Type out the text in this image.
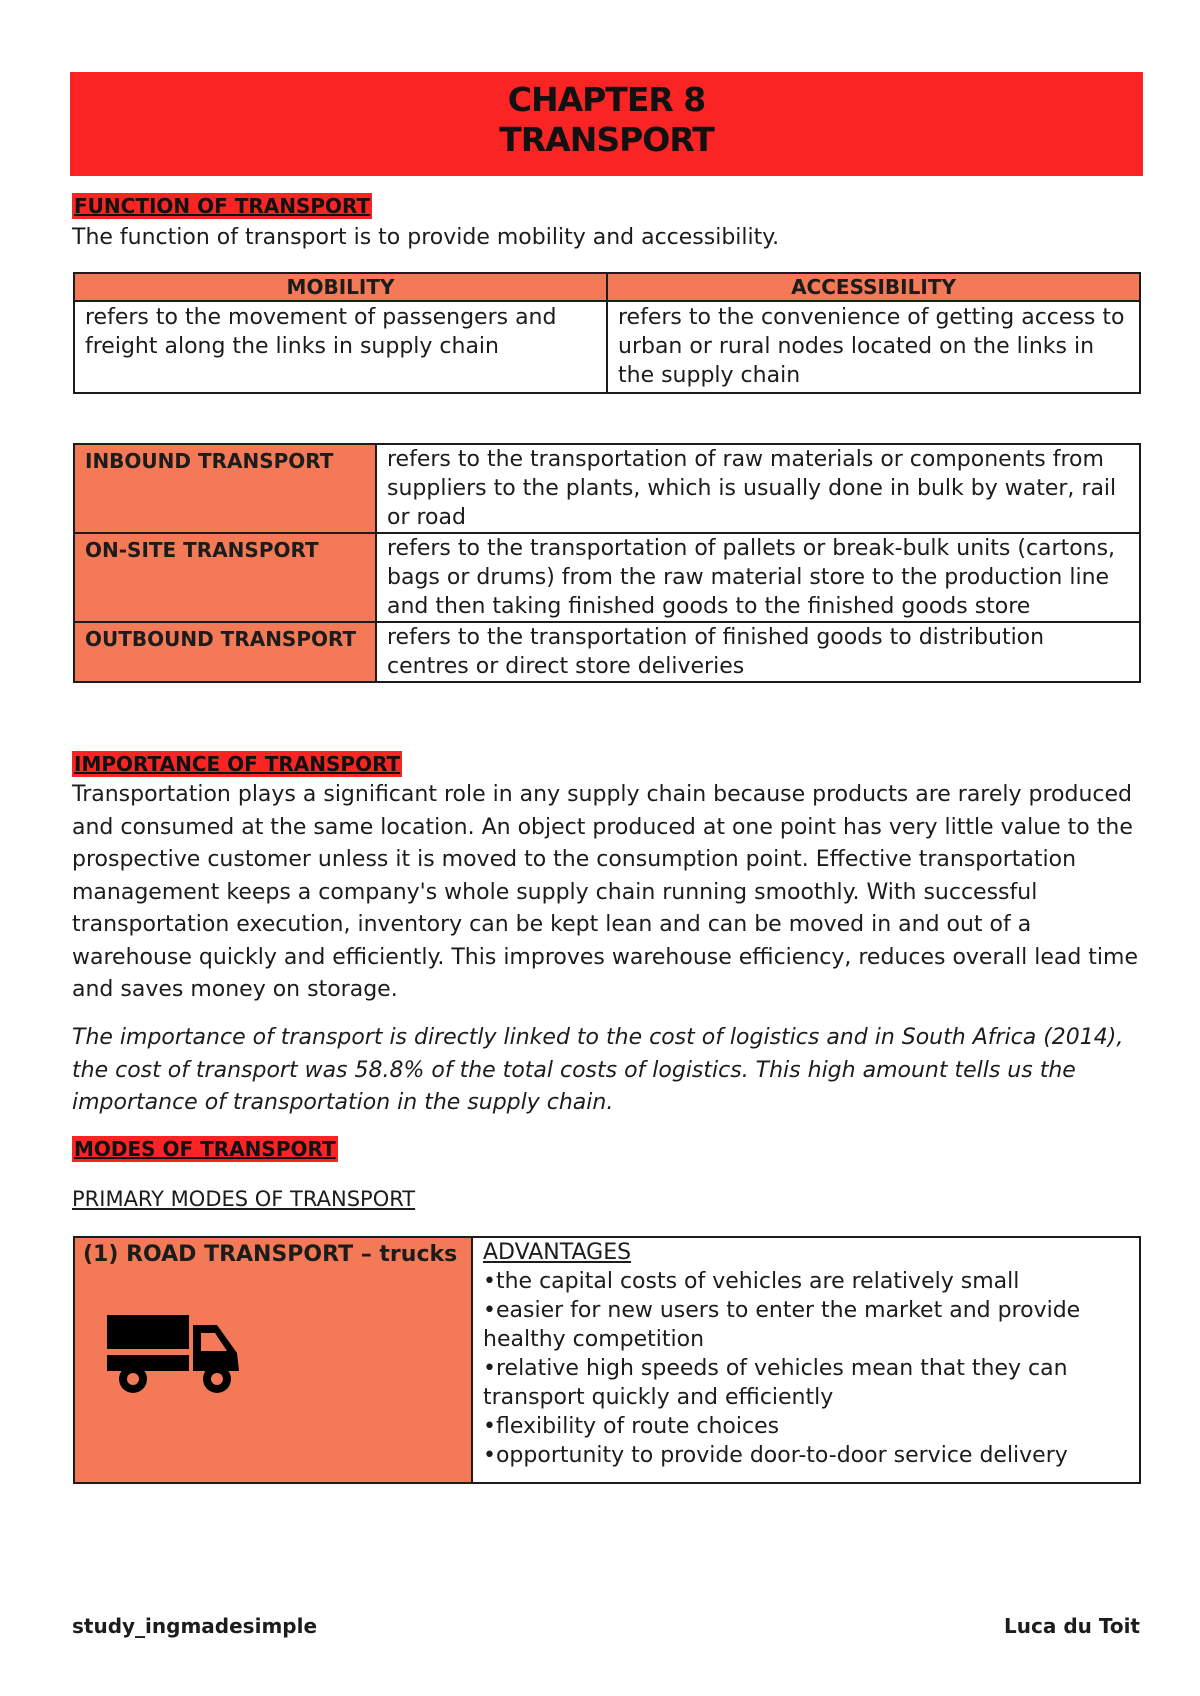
CHAPTER 8
TRANSPORT
FUNCTION OF TRANSPORT
The function of transport is to provide mobility and accessibility.
MOBILITY	ACCESSIBILITY
refers to the movement of passengers and freight along the links in supply chain	refers to the convenience of getting access to urban or rural nodes located on the links in the supply chain
INBOUND TRANSPORT	refers to the transportation of raw materials or components from suppliers to the plants, which is usually done in bulk by water, rail or road
ON-SITE TRANSPORT	refers to the transportation of pallets or break-bulk units (cartons, bags or drums) from the raw material store to the production line and then taking finished goods to the finished goods store
OUTBOUND TRANSPORT	refers to the transportation of finished goods to distribution centres or direct store deliveries
IMPORTANCE OF TRANSPORT
Transportation plays a significant role in any supply chain because products are rarely produced and consumed at the same location. An object produced at one point has very little value to the prospective customer unless it is moved to the consumption point. Effective transportation management keeps a company's whole supply chain running smoothly. With successful transportation execution, inventory can be kept lean and can be moved in and out of a warehouse quickly and efficiently. This improves warehouse efficiency, reduces overall lead time and saves money on storage.
The importance of transport is directly linked to the cost of logistics and in South Africa (2014), the cost of transport was 58.8% of the total costs of logistics. This high amount tells us the importance of transportation in the supply chain.
MODES OF TRANSPORT
PRIMARY MODES OF TRANSPORT
(1) ROAD TRANSPORT – trucks	ADVANTAGES
•the capital costs of vehicles are relatively small
•easier for new users to enter the market and provide healthy competition
•relative high speeds of vehicles mean that they can transport quickly and efficiently
•flexibility of route choices
•opportunity to provide door-to-door service delivery
study_ingmadesimple	Luca du Toit
